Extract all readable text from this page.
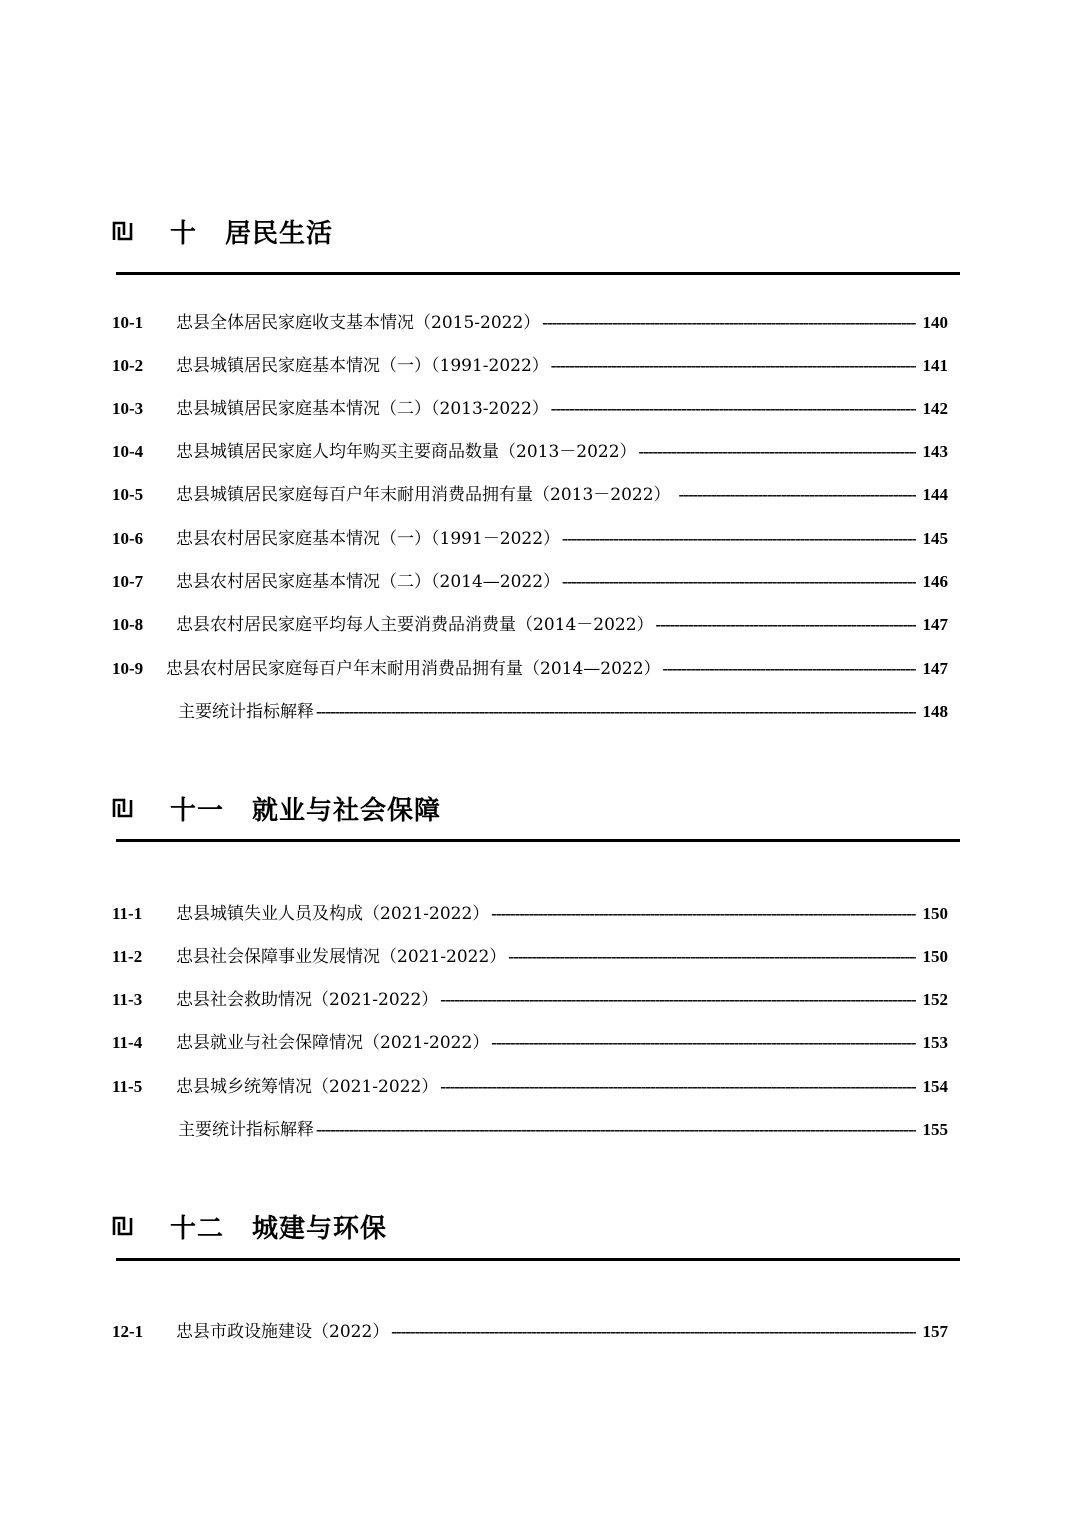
十 居民生活
10-1	忠县全体居民家庭收支基本情况（2015-2022） -----	140
10-2	忠县城镇居民家庭基本情况（一）（1991-2022） -----	141
10-3	忠县城镇居民家庭基本情况（二）（2013-2022） -----	142
10-4	忠县城镇居民家庭人均年购买主要商品数量（2013－2022） -----	143
10-5	忠县城镇居民家庭每百户年末耐用消费品拥有量（2013－2022） -----	144
10-6	忠县农村居民家庭基本情况（一）（1991－2022） -----	145
10-7	忠县农村居民家庭基本情况（二）（2014—2022） -----	146
10-8	忠县农村居民家庭平均每人主要消费品消费量（2014－2022） -----	147
10-9	忠县农村居民家庭每百户年末耐用消费品拥有量（2014—2022） -----	147
主要统计指标解释 -----	148
十一 就业与社会保障
11-1	忠县城镇失业人员及构成（2021-2022） -----	150
11-2	忠县社会保障事业发展情况（2021-2022） -----	150
11-3	忠县社会救助情况（2021-2022） -----	152
11-4	忠县就业与社会保障情况（2021-2022） -----	153
11-5	忠县城乡统筹情况（2021-2022） -----	154
主要统计指标解释 -----	155
十二 城建与环保
12-1	忠县市政设施建设（2022） -----	157
